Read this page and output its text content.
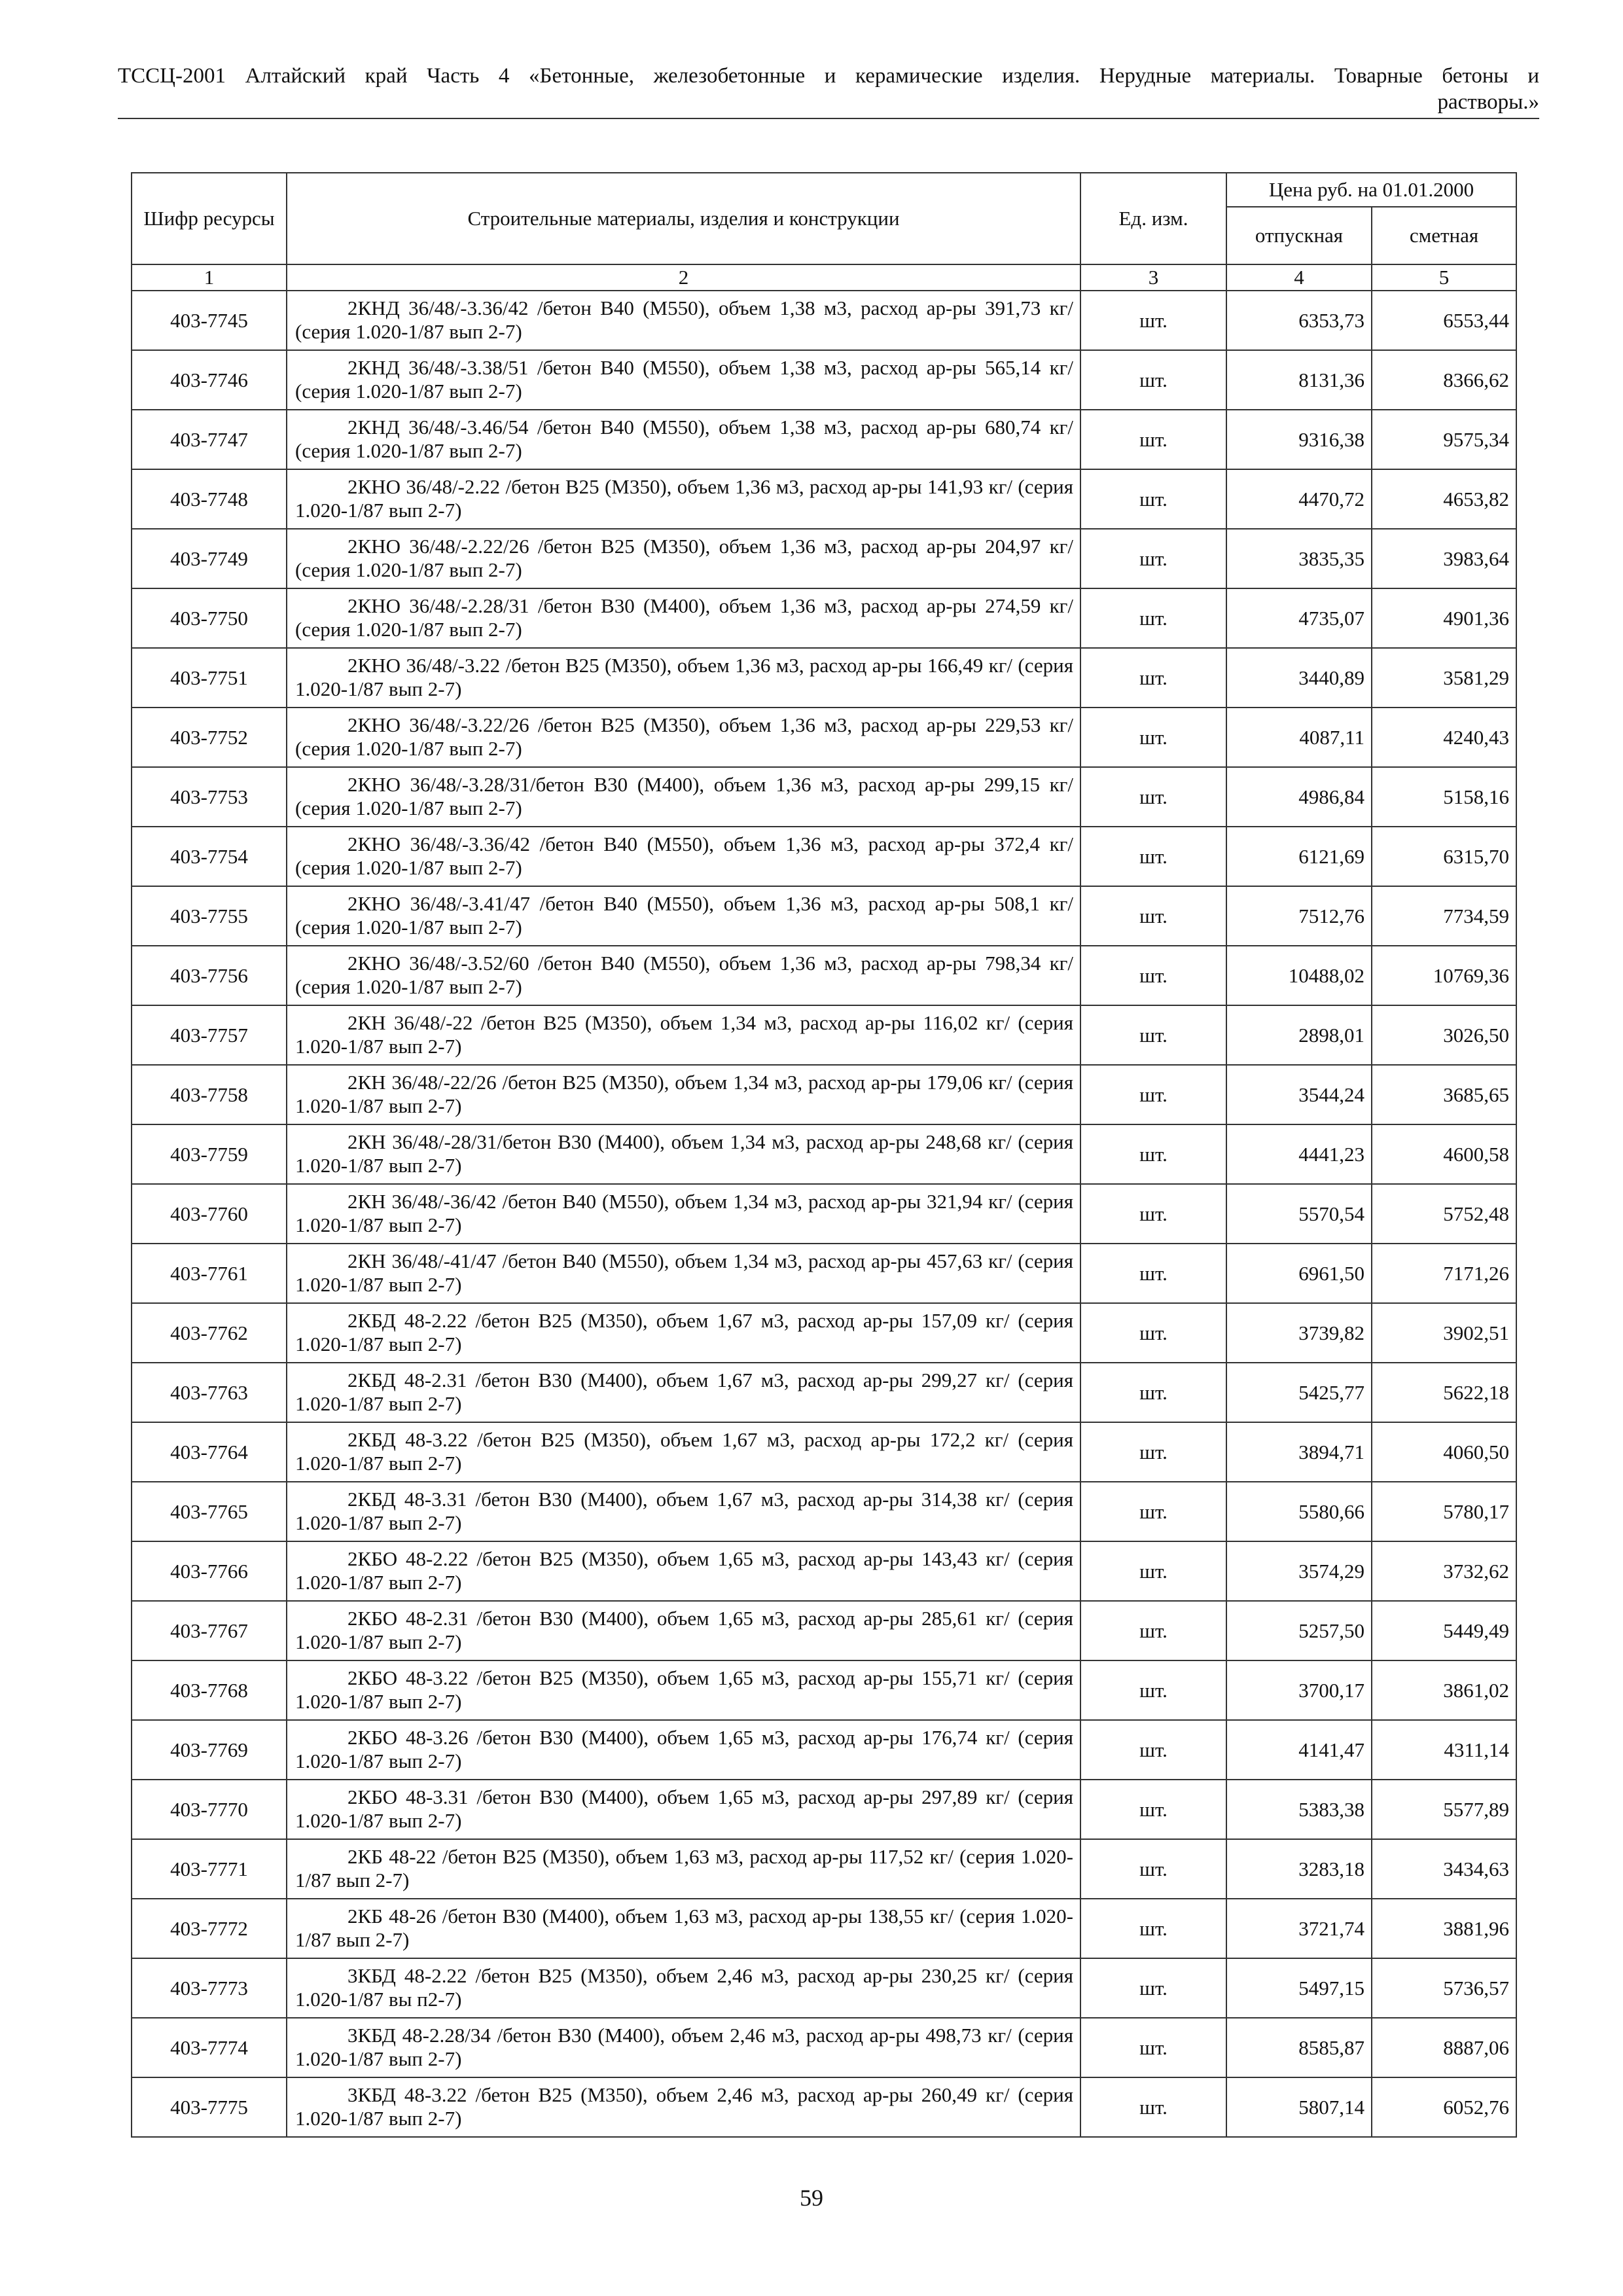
ТССЦ-2001 Алтайский край Часть 4 «Бетонные, железобетонные и керамические изделия. Нерудные материалы. Товарные бетоны и
растворы.»
Шифр ресурсы	Строительные материалы, изделия и конструкции	Ед. изм.	Цена руб. на 01.01.2000	
			отпускная	сметная
1	2	3	4	5
403-7745	2КНД 36/48/-3.36/42 /бетон В40 (М550), объем 1,38 м3, расход ар-ры 391,73 кг/ (серия 1.020-1/87 вып 2-7)	шт.	6353,73	6553,44
403-7746	2КНД 36/48/-3.38/51 /бетон В40 (М550), объем 1,38 м3, расход ар-ры 565,14 кг/ (серия 1.020-1/87 вып 2-7)	шт.	8131,36	8366,62
403-7747	2КНД 36/48/-3.46/54 /бетон В40 (М550), объем 1,38 м3, расход ар-ры 680,74 кг/ (серия 1.020-1/87 вып 2-7)	шт.	9316,38	9575,34
403-7748	2КНО 36/48/-2.22 /бетон В25 (М350), объем 1,36 м3, расход ар-ры 141,93 кг/ (серия 1.020-1/87 вып 2-7)	шт.	4470,72	4653,82
403-7749	2КНО 36/48/-2.22/26 /бетон В25 (М350), объем 1,36 м3, расход ар-ры 204,97 кг/ (серия 1.020-1/87 вып 2-7)	шт.	3835,35	3983,64
403-7750	2КНО 36/48/-2.28/31 /бетон В30 (М400), объем 1,36 м3, расход ар-ры 274,59 кг/ (серия 1.020-1/87 вып 2-7)	шт.	4735,07	4901,36
403-7751	2КНО 36/48/-3.22 /бетон В25 (М350), объем 1,36 м3, расход ар-ры 166,49 кг/ (серия 1.020-1/87 вып 2-7)	шт.	3440,89	3581,29
403-7752	2КНО 36/48/-3.22/26 /бетон В25 (М350), объем 1,36 м3, расход ар-ры 229,53 кг/ (серия 1.020-1/87 вып 2-7)	шт.	4087,11	4240,43
403-7753	2КНО 36/48/-3.28/31/бетон В30 (М400), объем 1,36 м3, расход ар-ры 299,15 кг/ (серия 1.020-1/87 вып 2-7)	шт.	4986,84	5158,16
403-7754	2КНО 36/48/-3.36/42 /бетон В40 (М550), объем 1,36 м3, расход ар-ры 372,4 кг/ (серия 1.020-1/87 вып 2-7)	шт.	6121,69	6315,70
403-7755	2КНО 36/48/-3.41/47 /бетон В40 (М550), объем 1,36 м3, расход ар-ры 508,1 кг/ (серия 1.020-1/87 вып 2-7)	шт.	7512,76	7734,59
403-7756	2КНО 36/48/-3.52/60 /бетон В40 (М550), объем 1,36 м3, расход ар-ры 798,34 кг/ (серия 1.020-1/87 вып 2-7)	шт.	10488,02	10769,36
403-7757	2КН 36/48/-22 /бетон В25 (М350), объем 1,34 м3, расход ар-ры 116,02 кг/ (серия 1.020-1/87 вып 2-7)	шт.	2898,01	3026,50
403-7758	2КН 36/48/-22/26 /бетон В25 (М350), объем 1,34 м3, расход ар-ры 179,06 кг/ (серия 1.020-1/87 вып 2-7)	шт.	3544,24	3685,65
403-7759	2КН 36/48/-28/31/бетон В30 (М400), объем 1,34 м3, расход ар-ры 248,68 кг/ (серия 1.020-1/87 вып 2-7)	шт.	4441,23	4600,58
403-7760	2КН 36/48/-36/42 /бетон В40 (М550), объем 1,34 м3, расход ар-ры 321,94 кг/ (серия 1.020-1/87 вып 2-7)	шт.	5570,54	5752,48
403-7761	2КН 36/48/-41/47 /бетон В40 (М550), объем 1,34 м3, расход ар-ры 457,63 кг/ (серия 1.020-1/87 вып 2-7)	шт.	6961,50	7171,26
403-7762	2КБД 48-2.22 /бетон В25 (М350), объем 1,67 м3, расход ар-ры 157,09 кг/ (серия 1.020-1/87 вып 2-7)	шт.	3739,82	3902,51
403-7763	2КБД 48-2.31 /бетон В30 (М400), объем 1,67 м3, расход ар-ры 299,27 кг/ (серия 1.020-1/87 вып 2-7)	шт.	5425,77	5622,18
403-7764	2КБД 48-3.22 /бетон В25 (М350), объем 1,67 м3, расход ар-ры 172,2 кг/ (серия 1.020-1/87 вып 2-7)	шт.	3894,71	4060,50
403-7765	2КБД 48-3.31 /бетон В30 (М400), объем 1,67 м3, расход ар-ры 314,38 кг/ (серия 1.020-1/87 вып 2-7)	шт.	5580,66	5780,17
403-7766	2КБО 48-2.22 /бетон В25 (М350), объем 1,65 м3, расход ар-ры 143,43 кг/ (серия 1.020-1/87 вып 2-7)	шт.	3574,29	3732,62
403-7767	2КБО 48-2.31 /бетон В30 (М400), объем 1,65 м3, расход ар-ры 285,61 кг/ (серия 1.020-1/87 вып 2-7)	шт.	5257,50	5449,49
403-7768	2КБО 48-3.22 /бетон В25 (М350), объем 1,65 м3, расход ар-ры 155,71 кг/ (серия 1.020-1/87 вып 2-7)	шт.	3700,17	3861,02
403-7769	2КБО 48-3.26 /бетон В30 (М400), объем 1,65 м3, расход ар-ры 176,74 кг/ (серия 1.020-1/87 вып 2-7)	шт.	4141,47	4311,14
403-7770	2КБО 48-3.31 /бетон В30 (М400), объем 1,65 м3, расход ар-ры 297,89 кг/ (серия 1.020-1/87 вып 2-7)	шт.	5383,38	5577,89
403-7771	2КБ 48-22 /бетон В25 (М350), объем 1,63 м3, расход ар-ры 117,52 кг/ (серия 1.020-1/87 вып 2-7)	шт.	3283,18	3434,63
403-7772	2КБ 48-26 /бетон В30 (М400), объем 1,63 м3, расход ар-ры 138,55 кг/ (серия 1.020-1/87 вып 2-7)	шт.	3721,74	3881,96
403-7773	3КБД 48-2.22 /бетон В25 (М350), объем 2,46 м3, расход ар-ры 230,25 кг/ (серия 1.020-1/87 вы п2-7)	шт.	5497,15	5736,57
403-7774	3КБД 48-2.28/34 /бетон В30 (М400), объем 2,46 м3, расход ар-ры 498,73 кг/ (серия 1.020-1/87 вып 2-7)	шт.	8585,87	8887,06
403-7775	3КБД 48-3.22 /бетон В25 (М350), объем 2,46 м3, расход ар-ры 260,49 кг/ (серия 1.020-1/87 вып 2-7)	шт.	5807,14	6052,76
59
